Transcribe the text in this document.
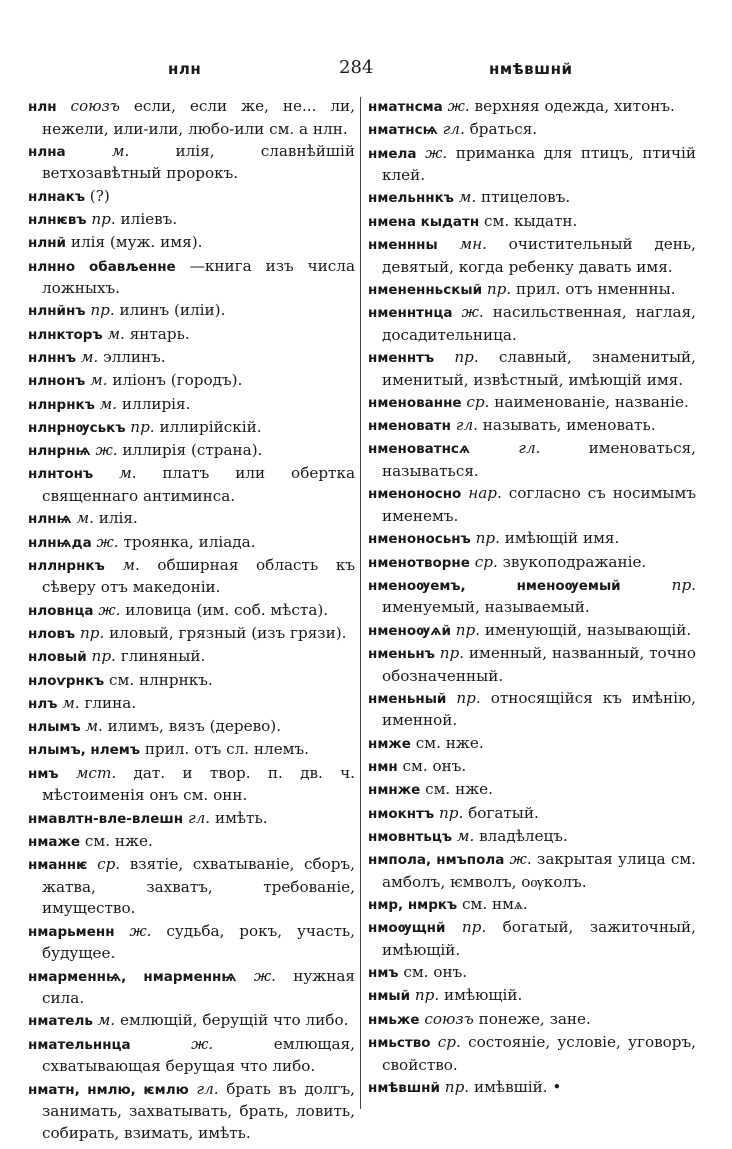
нлн	284	нмѣвшнй

нлн союзъ если, если же, не... ли, нежели, или-или, любо-или см. а нлн.

нлна	м. илія, славнѣйшій ветхозавѣтный пророкъ.

нлнакъ (?)

нлнѥвъ пр. иліевъ.

нлнй илія (муж. имя).

нлнно обављенне —книга изъ числа ложныхъ.

нлнйнъ пр. илинъ (иліи).

нлнкторъ м. янтарь.

нлннъ м. эллинъ.

нлнонъ м. иліонъ (городъ).

нлнрнкъ м. иллирія.

нлнрнѹськъ пр. иллирійскій.

нлнрнѩ ж. иллирія (страна).

нлнтонъ м. платъ или обертка священнаго антиминса.

нлнѩ м. илія.

нлнѩда ж. троянка, иліада.

нллнрнкъ м. обширная область къ сѣверу отъ македоніи.

нловнца ж. иловица (им. соб. мѣста).

нловъ пр. иловый, грязный (изъ грязи).

нловый пр. глиняный.

нлоѵрнкъ см. нлнрнкъ.

нлъ м. глина.

нлымъ м. илимъ, вязъ (дерево).

нлымъ, нлемъ прил. отъ сл. нлемъ.

нмъ мст. дат. и твор. п. дв. ч. мѣстоименія онъ см. онн.

нмавлтн-вле-влешн гл. имѣть.

нмаже см. нже.

нманнѥ ср. взятіе, схватываніе, сборъ, жатва, захватъ, требованіе, имущество.

нмарьменн ж. судьба, рокъ, участь, будущее.

нмарменнѩ, нмарменнѩ ж. нужная сила.

нматель м. емлющій, берущій что либо.

нмательннца	ж. емлющая, схватывающая берущая что либо.

нматн, нмлю, ѥмлю гл. брать въ долгъ, занимать, захватывать, брать, ловить, собирать, взимать, имѣть.

нматнсма ж. верхняя одежда, хитонъ.

нматнсѩ гл. браться.

нмела ж. приманка для птицъ, птичій клей.

нмельннкъ м. птицеловъ.

нмена кыдатн см. кыдатн.

нменнны мн. очистительный день, девятый, когда ребенку давать имя.

нмененньскый пр. прил. отъ нменнны.

нменнтнца ж. насильственная, наглая, досадительница.

нменнтъ пр. славный, знаменитый, именитый, извѣстный, имѣющій имя.

нменованне ср. наименованіе, названіе.

нменоватн гл. называть, именовать.

нменоватнсѧ	гл. именоваться, называться.

нменоносно нар. согласно съ носимымъ именемъ.

нменоносьнъ пр. имѣющій имя.

нменотворне ср. звукоподражаніе.

нменоѹемъ, нменоѹемый	пр. именуемый, называемый.

нменоѹѧй пр. именующій, называющій.

нменьнъ пр. именный, названный, точно обозначенный.

нменьный пр. относящійся къ имѣнію, именной.

нмже см. нже.

нмн см. онъ.

нмнже см. нже.

нмокнтъ пр. богатый.

нмовнтьцъ м. владѣлецъ.

нмпола, нмъпола ж. закрытая улица см. амболъ, ѥмволъ, оѹколъ.

нмр, нмркъ см. нмѧ.

нмоѹщнй пр. богатый, зажиточный, имѣющій.

нмъ см. онъ.

нмый пр. имѣющій.

нмьже союзъ понеже, зане.

нмьство ср. состояніе, условіе, уговоръ, свойство.

нмѣвшнй пр. имѣвшій. •
